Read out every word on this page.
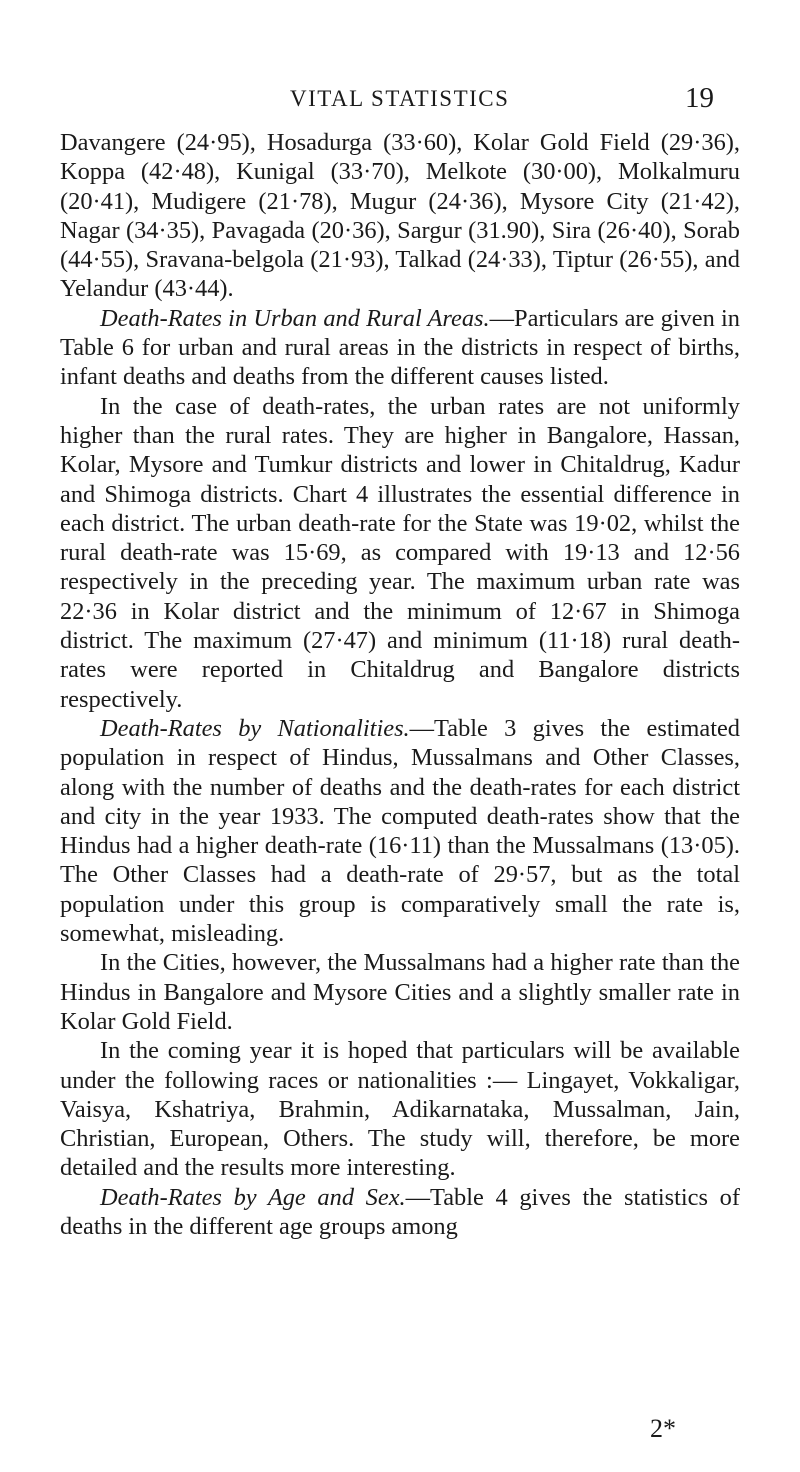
VITAL STATISTICS	19

Davangere (24·95), Hosadurga (33·60), Kolar Gold Field (29·36), Koppa (42·48), Kunigal (33·70), Melkote (30·00), Molkalmuru (20·41), Mudigere (21·78), Mugur (24·36), Mysore City (21·42), Nagar (34·35), Pavagada (20·36), Sargur (31.90), Sira (26·40), Sorab (44·55), Sravana-belgola (21·93), Talkad (24·33), Tiptur (26·55), and Yelandur (43·44).

Death-Rates in Urban and Rural Areas.—Particulars are given in Table 6 for urban and rural areas in the districts in respect of births, infant deaths and deaths from the different causes listed.

In the case of death-rates, the urban rates are not uniformly higher than the rural rates. They are higher in Bangalore, Hassan, Kolar, Mysore and Tumkur districts and lower in Chitaldrug, Kadur and Shimoga districts. Chart 4 illustrates the essential difference in each district. The urban death-rate for the State was 19·02, whilst the rural death-rate was 15·69, as compared with 19·13 and 12·56 respectively in the preceding year. The maximum urban rate was 22·36 in Kolar district and the minimum of 12·67 in Shimoga district. The maximum (27·47) and minimum (11·18) rural death-rates were reported in Chitaldrug and Bangalore districts respectively.

Death-Rates by Nationalities.—Table 3 gives the estimated population in respect of Hindus, Mussalmans and Other Classes, along with the number of deaths and the death-rates for each district and city in the year 1933. The computed death-rates show that the Hindus had a higher death-rate (16·11) than the Mussalmans (13·05). The Other Classes had a death-rate of 29·57, but as the total population under this group is comparatively small the rate is, somewhat, misleading.

In the Cities, however, the Mussalmans had a higher rate than the Hindus in Bangalore and Mysore Cities and a slightly smaller rate in Kolar Gold Field.

In the coming year it is hoped that particulars will be available under the following races or nationalities :— Lingayet, Vokkaligar, Vaisya, Kshatriya, Brahmin, Adikarnataka, Mussalman, Jain, Christian, European, Others. The study will, therefore, be more detailed and the results more interesting.

Death-Rates by Age and Sex.—Table 4 gives the statistics of deaths in the different age groups among

2*
